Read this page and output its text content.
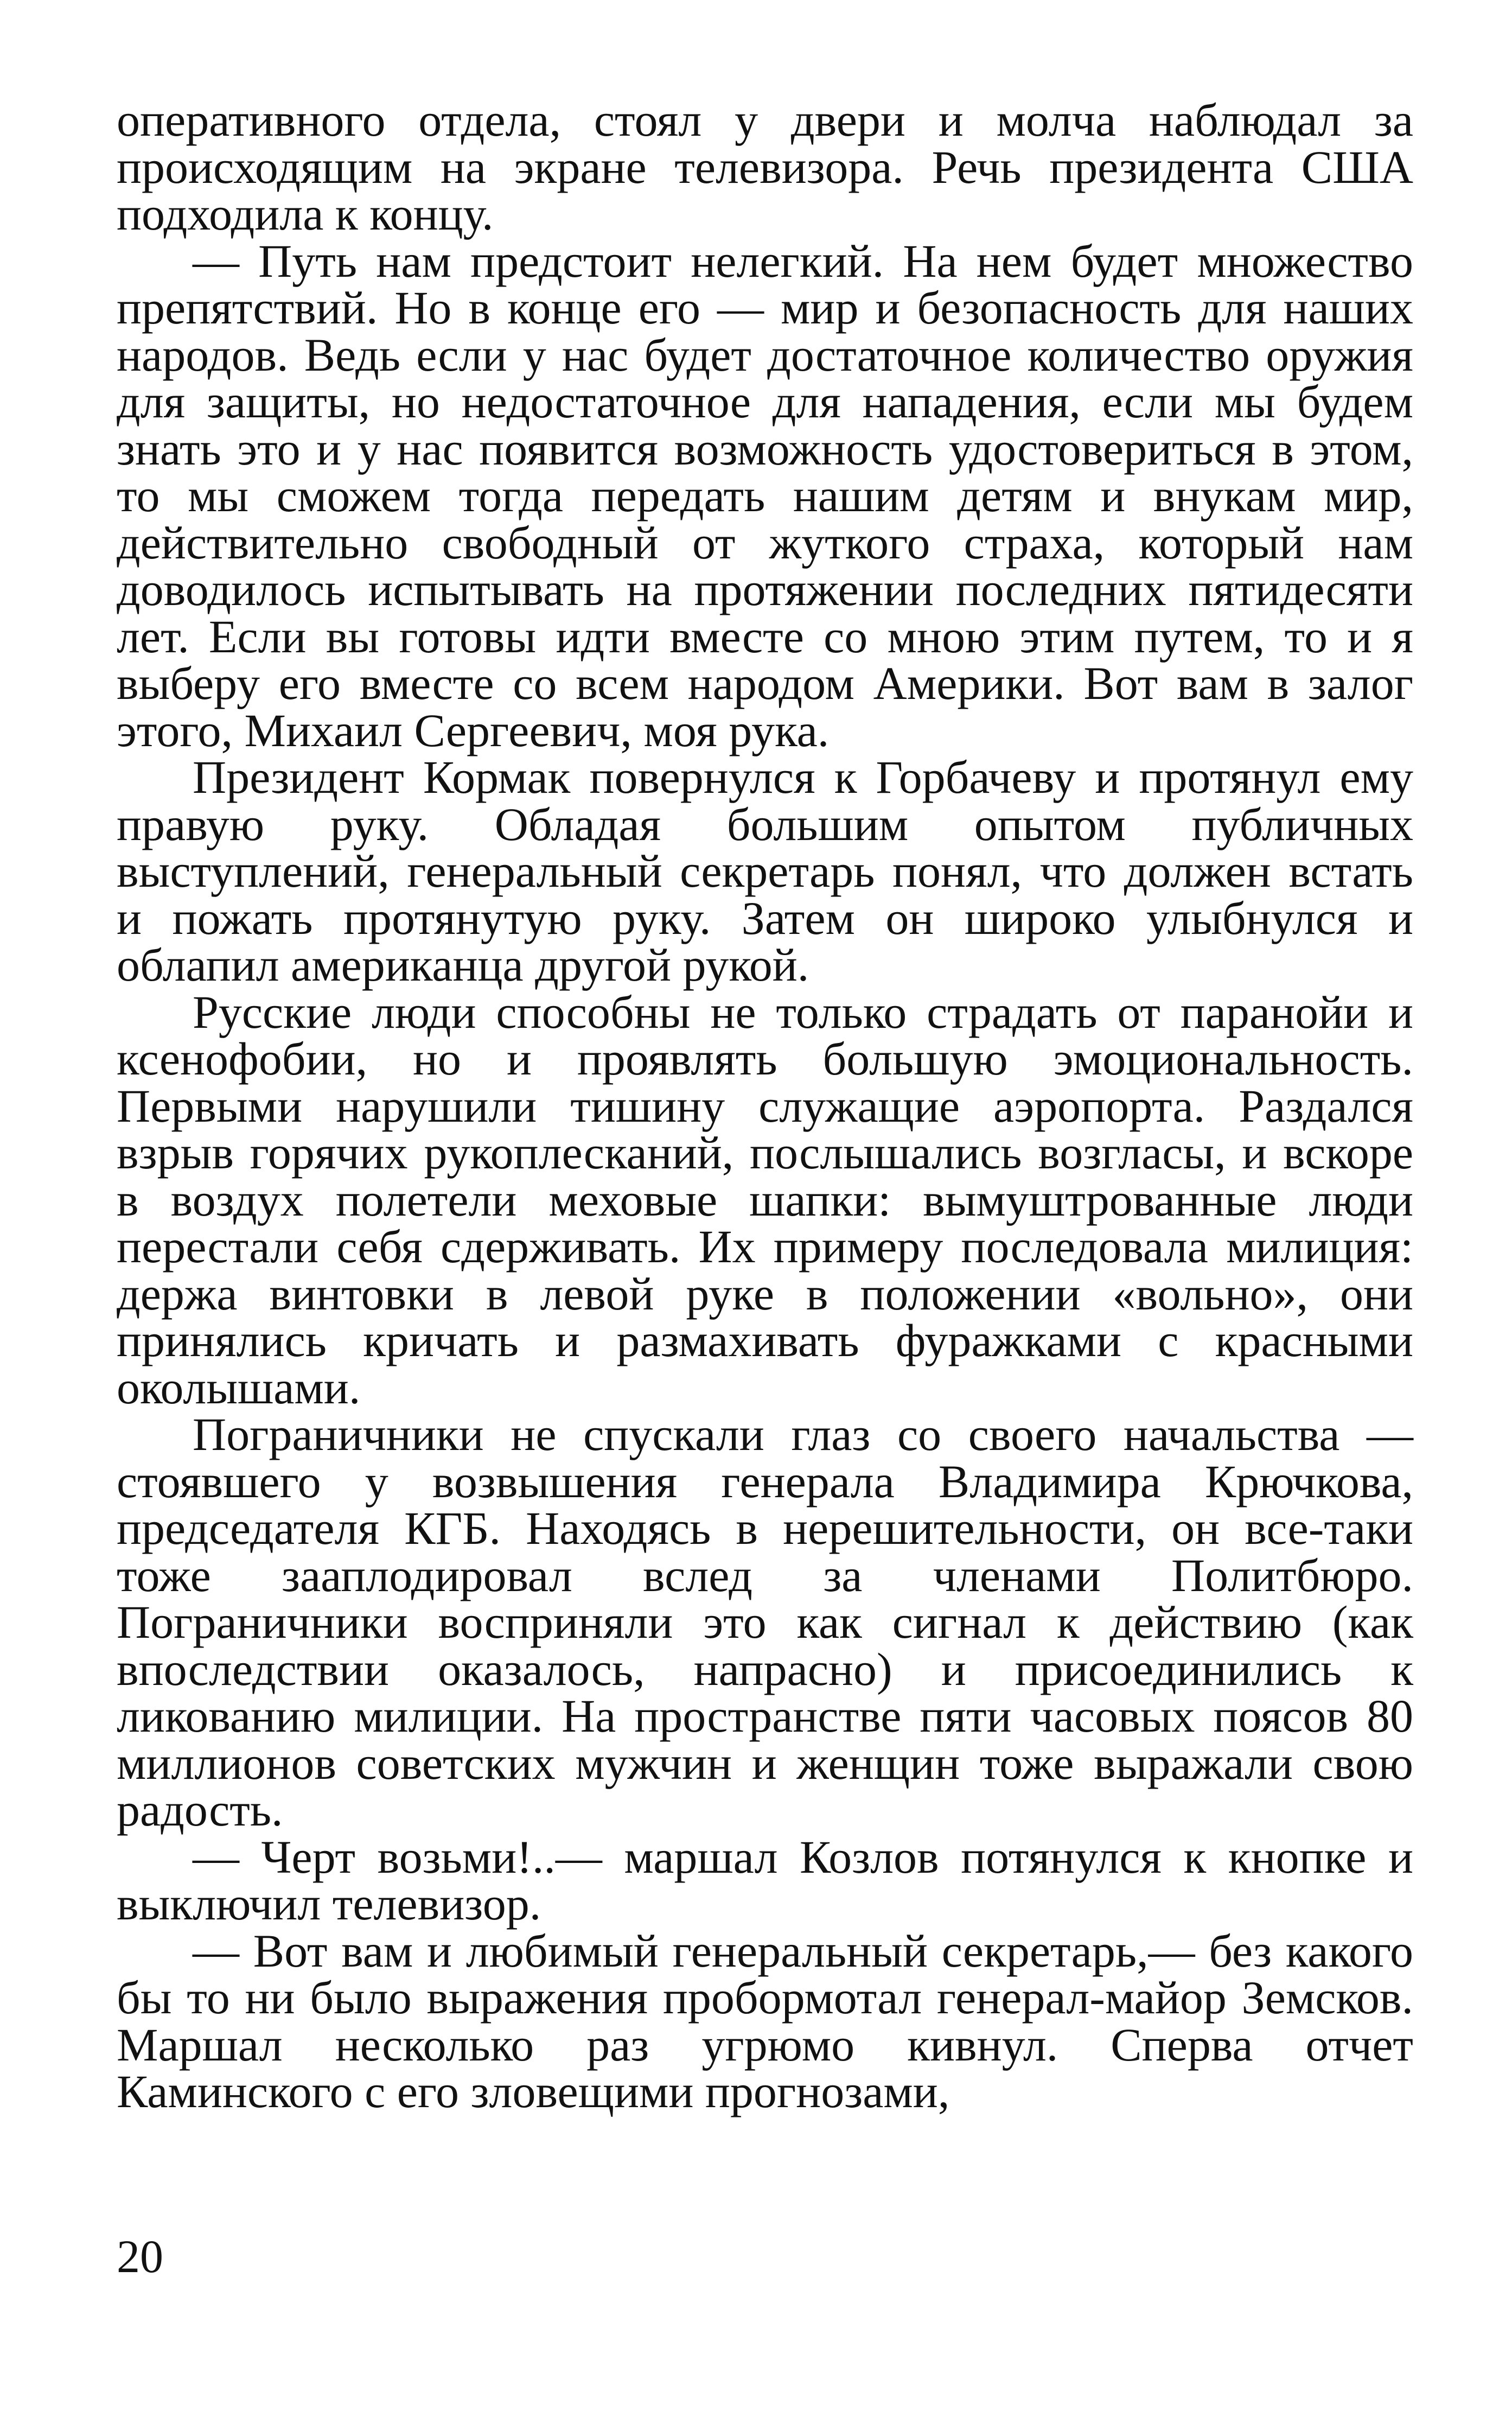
оперативного отдела, стоял у двери и молча наблюдал за происходящим на экране телевизора. Речь президента США подходила к концу.

— Путь нам предстоит нелегкий. На нем будет множество препятствий. Но в конце его — мир и безопасность для наших народов. Ведь если у нас будет достаточное количество оружия для защиты, но недостаточное для нападения, если мы будем знать это и у нас появится возможность удостовериться в этом, то мы сможем тогда передать нашим детям и внукам мир, действительно свободный от жуткого страха, который нам доводилось испытывать на протяжении последних пятидесяти лет. Если вы готовы идти вместе со мною этим путем, то и я выберу его вместе со всем народом Америки. Вот вам в залог этого, Михаил Сергеевич, моя рука.

Президент Кормак повернулся к Горбачеву и протянул ему правую руку. Обладая большим опытом публичных выступлений, генеральный секретарь понял, что должен встать и пожать протянутую руку. Затем он широко улыбнулся и облапил американца другой рукой.

Русские люди способны не только страдать от паранойи и ксенофобии, но и проявлять большую эмоциональность. Первыми нарушили тишину служащие аэропорта. Раздался взрыв горячих рукоплесканий, послышались возгласы, и вскоре в воздух полетели меховые шапки: вымуштрованные люди перестали себя сдерживать. Их примеру последовала милиция: держа винтовки в левой руке в положении «вольно», они принялись кричать и размахивать фуражками с красными околышами.

Пограничники не спускали глаз со своего начальства — стоявшего у возвышения генерала Владимира Крючкова, председателя КГБ. Находясь в нерешительности, он все-таки тоже зааплодировал вслед за членами Политбюро. Пограничники восприняли это как сигнал к действию (как впоследствии оказалось, напрасно) и присоединились к ликованию милиции. На пространстве пяти часовых поясов 80 миллионов советских мужчин и женщин тоже выражали свою радость.

— Черт возьми!..— маршал Козлов потянулся к кнопке и выключил телевизор.

— Вот вам и любимый генеральный секретарь,— без какого бы то ни было выражения пробормотал генерал-майор Земсков. Маршал несколько раз угрюмо кивнул. Сперва отчет Каминского с его зловещими прогнозами,

20
